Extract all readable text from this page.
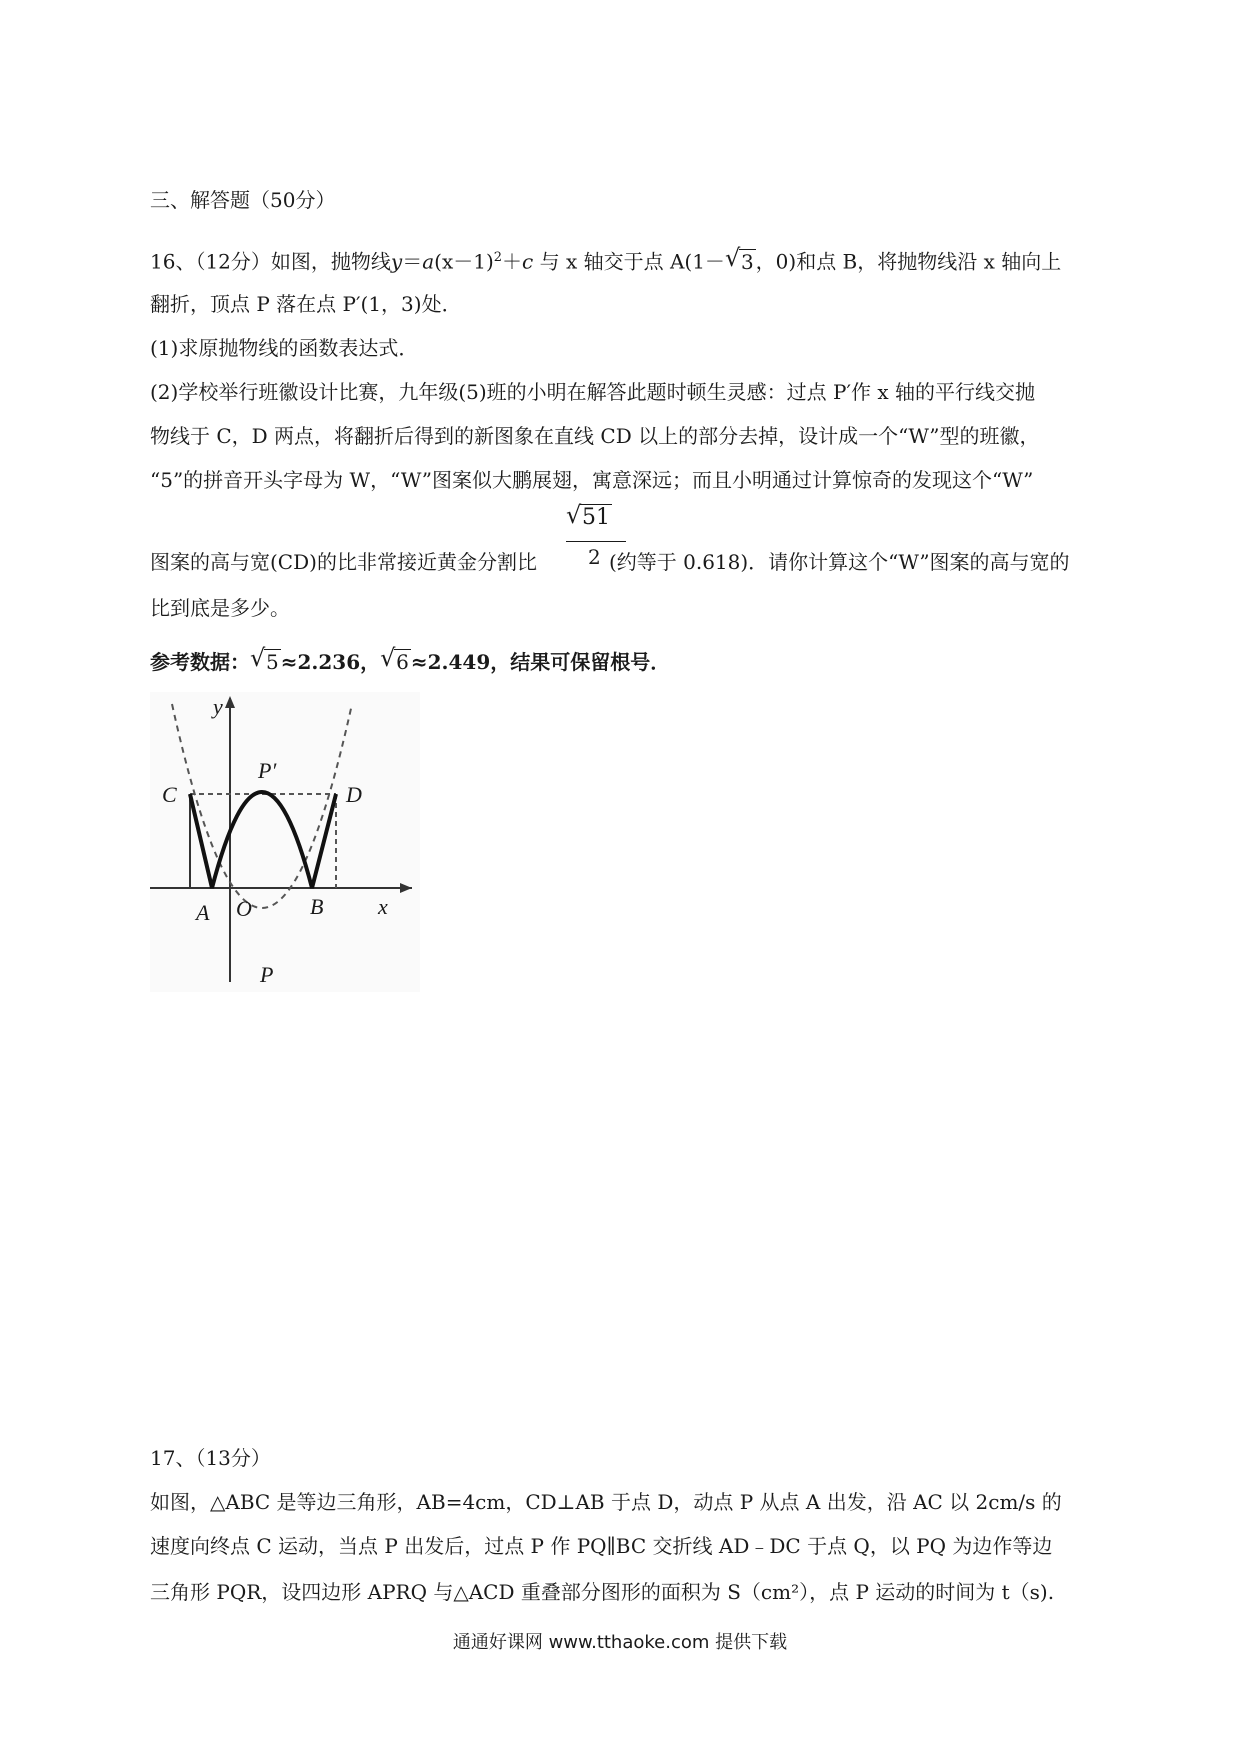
三、解答题（50分）
16、（12分）如图，抛物线$y=a(x-1)^2+c$ 与 x 轴交于点 A(1－ √ 3 ，0)和点 B，将抛物线沿 x 轴向上
翻折，顶点 P 落在点 P′(1，3)处．
(1)求原抛物线的函数表达式．
(2)学校举行班徽设计比赛，九年级(5)班的小明在解答此题时顿生灵感：过点 P′作 x 轴的平行线交抛
物线于 C，D 两点，将翻折后得到的新图象在直线 CD 以上的部分去掉，设计成一个“W”型的班徽，
“5”的拼音开头字母为 W，“W”图案似大鹏展翅，寓意深远；而且小明通过计算惊奇的发现这个“W”
√ 51
2
图案的高与宽(CD)的比非常接近黄金分割比	(约等于 0.618)．请你计算这个“W”图案的高与宽的
比到底是多少。
参考数据： √ 5 ≈2.236， √ 6 ≈2.449，结果可保留根号．
y
x
C	D
P′
A O	B
P
17、（13分）
如图，△ABC 是等边三角形，AB=4cm，CD⊥AB 于点 D，动点 P 从点 A 出发，沿 AC 以 2cm/s 的
速度向终点 C 运动，当点 P 出发后，过点 P 作 PQ∥BC 交折线 AD﹣DC 于点 Q，以 PQ 为边作等边
三角形 PQR，设四边形 APRQ 与△ACD 重叠部分图形的面积为 S（cm²），点 P 运动的时间为 t（s).
通通好课网 www.tthaoke.com 提供下载
